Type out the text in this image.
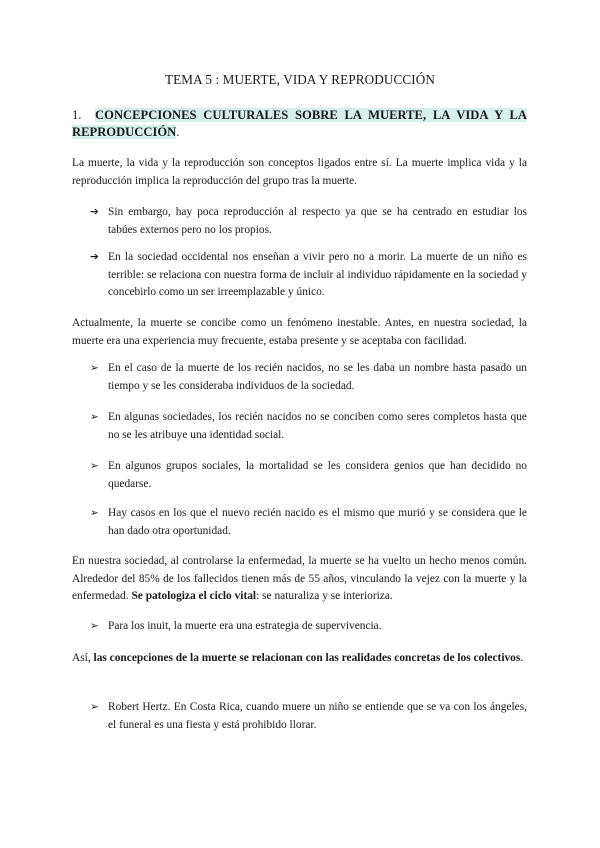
TEMA 5 : MUERTE, VIDA Y REPRODUCCIÓN
1. CONCEPCIONES CULTURALES SOBRE LA MUERTE, LA VIDA Y LA REPRODUCCIÓN.
La muerte, la vida y la reproducción son conceptos ligados entre sí. La muerte implica vida y la reproducción implica la reproducción del grupo tras la muerte.
➔ Sin embargo, hay poca reproducción al respecto ya que se ha centrado en estudiar los tabúes externos pero no los propios.
➔ En la sociedad occidental nos enseñan a vivir pero no a morir. La muerte de un niño es terrible: se relaciona con nuestra forma de incluir al individuo rápidamente en la sociedad y concebirlo como un ser irreemplazable y único.
Actualmente, la muerte se concibe como un fenómeno inestable. Antes, en nuestra sociedad, la muerte era una experiencia muy frecuente, estaba presente y se aceptaba con facilidad.
➢ En el caso de la muerte de los recién nacidos, no se les daba un nombre hasta pasado un tiempo y se les consideraba individuos de la sociedad.
➢ En algunas sociedades, los recién nacidos no se conciben como seres completos hasta que no se les atribuye una identidad social.
➢ En algunos grupos sociales, la mortalidad se les considera genios que han decidido no quedarse.
➢ Hay casos en los que el nuevo recién nacido es el mismo que murió y se considera que le han dado otra oportunidad.
En nuestra sociedad, al controlarse la enfermedad, la muerte se ha vuelto un hecho menos común. Alrededor del 85% de los fallecidos tienen más de 55 años, vinculando la vejez con la muerte y la enfermedad. Se patologiza el ciclo vital: se naturaliza y se interioriza.
➢ Para los inuit, la muerte era una estrategia de supervivencia.
Así, las concepciones de la muerte se relacionan con las realidades concretas de los colectivos.
➢ Robert Hertz. En Costa Rica, cuando muere un niño se entiende que se va con los ángeles, el funeral es una fiesta y está prohibido llorar.
